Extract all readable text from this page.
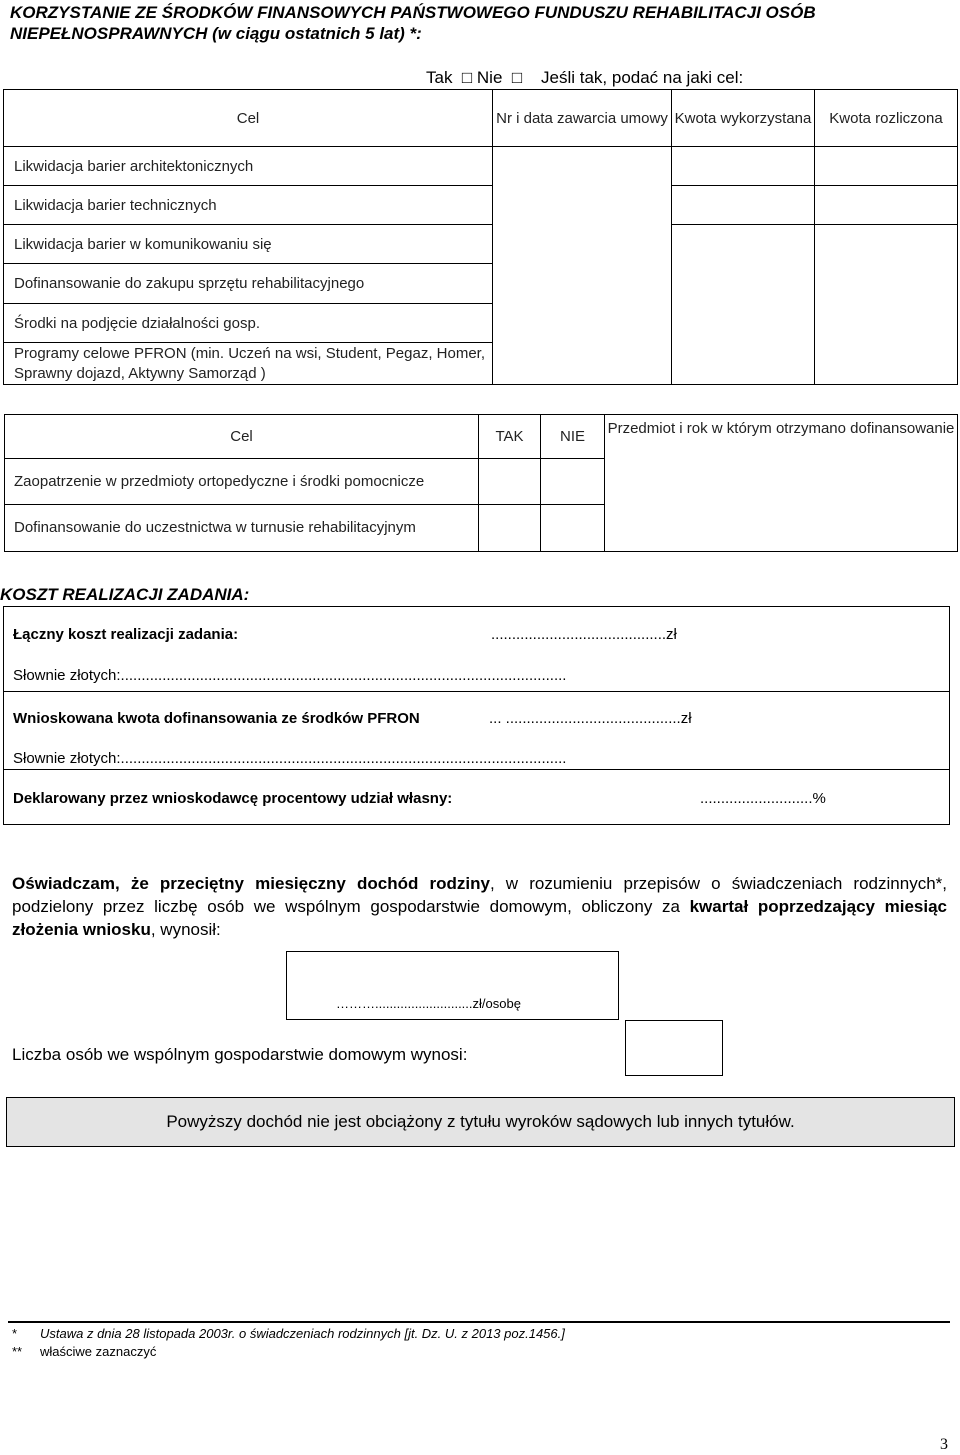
KORZYSTANIE ZE ŚRODKÓW FINANSOWYCH PAŃSTWOWEGO FUNDUSZU REHABILITACJI OSÓB NIEPEŁNOSPRAWNYCH (w ciągu ostatnich 5 lat) *:
Tak  □ Nie  □    Jeśli tak, podać na jaki cel:
Cel	Nr i data zawarcia umowy	Kwota wykorzystana	Kwota rozliczona
Likwidacja barier architektonicznych			
Likwidacja barier technicznych			
Likwidacja barier w komunikowaniu się			
Dofinansowanie do zakupu sprzętu rehabilitacyjnego			
Środki na podjęcie działalności gosp.			
Programy celowe PFRON (min. Uczeń na wsi, Student, Pegaz, Homer, Sprawny dojazd, Aktywny Samorząd )			
Cel	TAK	NIE	Przedmiot i rok w którym otrzymano dofinansowanie
Zaopatrzenie w przedmioty ortopedyczne i środki pomocnicze			
Dofinansowanie do uczestnictwa w turnusie rehabilitacyjnym			
KOSZT REALIZACJI ZADANIA:
Łączny koszt realizacji zadania:	..........................................zł
Słownie złotych:...........................................................................................................
Wnioskowana kwota dofinansowania ze środków PFRON	... ..........................................zł
Słownie złotych:...........................................................................................................
Deklarowany przez wnioskodawcę procentowy udział własny:	...........................%
Oświadczam, że przeciętny miesięczny dochód rodziny, w rozumieniu przepisów o świadczeniach rodzinnych*, podzielony przez liczbę osób we wspólnym gospodarstwie domowym, obliczony za kwartał poprzedzający miesiąc złożenia wniosku, wynosił:
………...........................zł/osobę
Liczba osób we wspólnym gospodarstwie domowym wynosi:
Powyższy dochód nie jest obciążony z tytułu wyroków sądowych lub innych tytułów.
* Ustawa z dnia 28 listopada 2003r. o świadczeniach rodzinnych [jt. Dz. U. z 2013 poz.1456.]
** właściwe zaznaczyć
3
